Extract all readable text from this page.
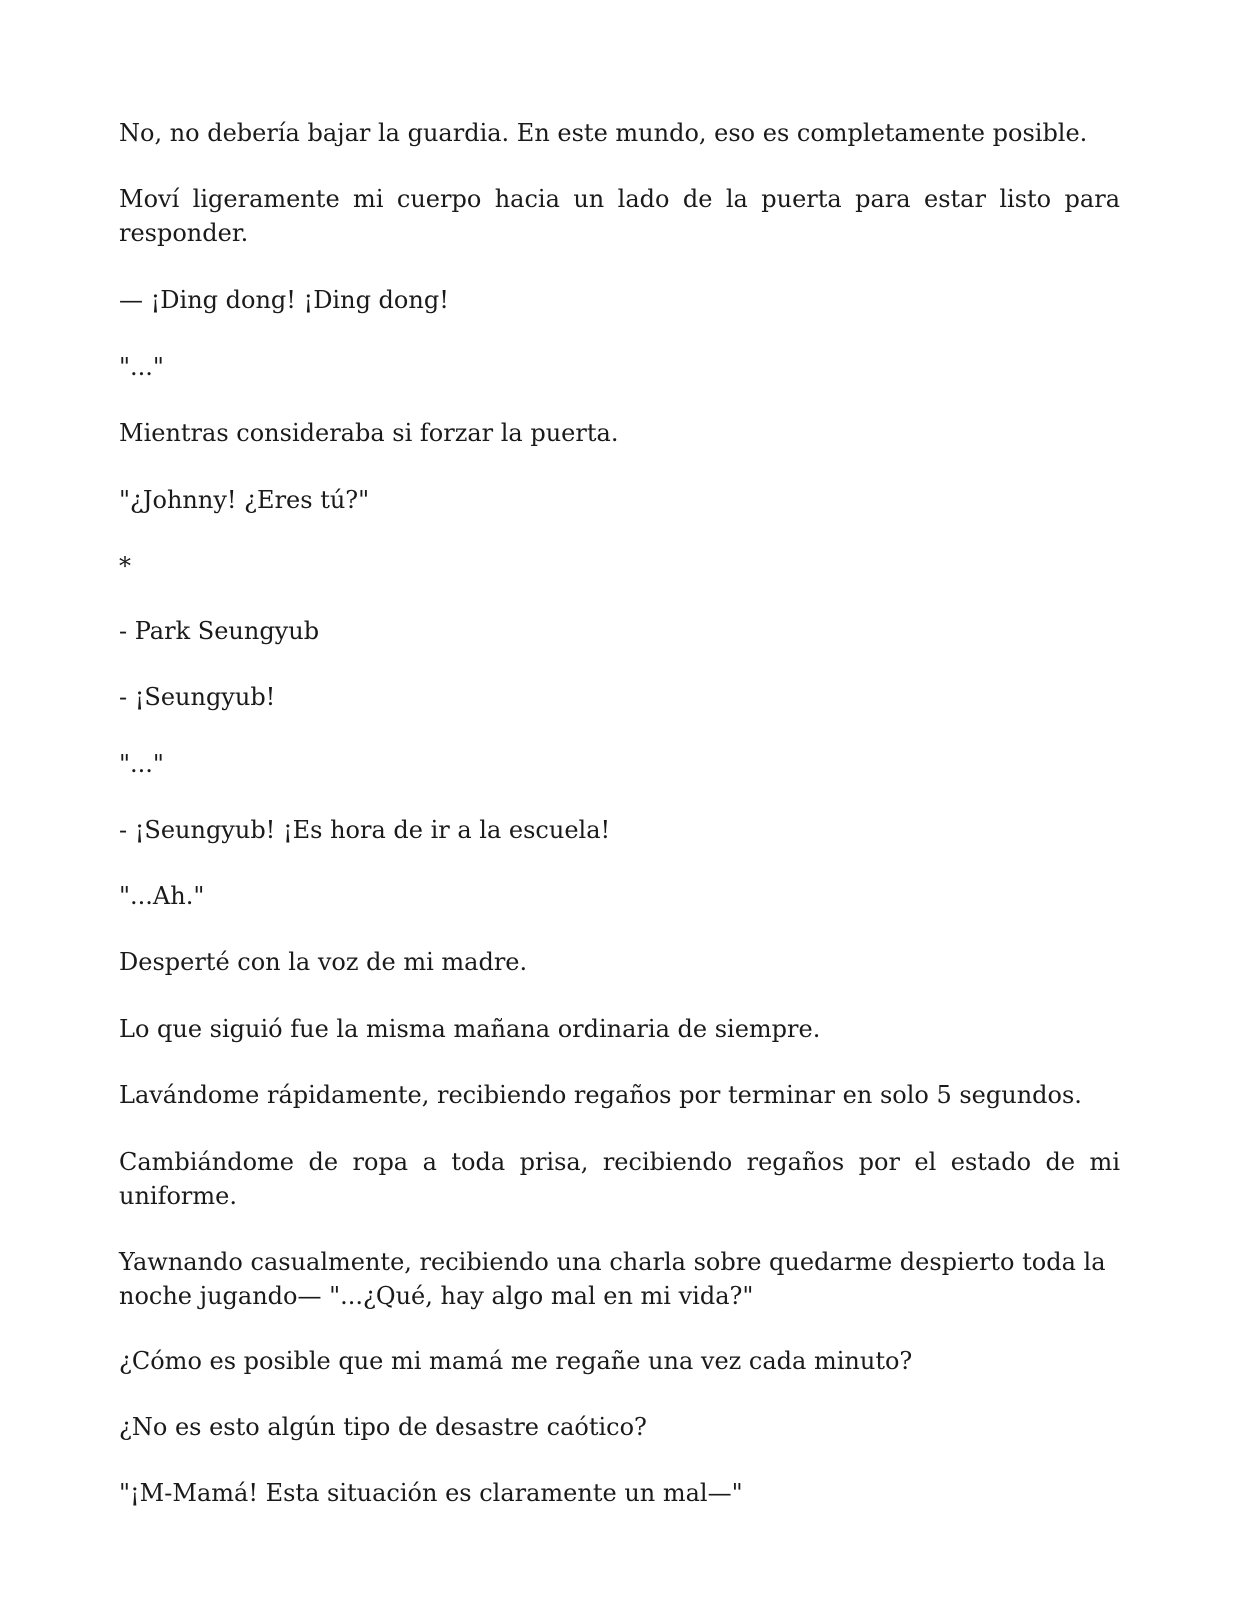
No, no debería bajar la guardia. En este mundo, eso es completamente posible.

Moví ligeramente mi cuerpo hacia un lado de la puerta para estar listo para responder.

— ¡Ding dong! ¡Ding dong!

"..."

Mientras consideraba si forzar la puerta.

"¿Johnny! ¿Eres tú?"

*

- Park Seungyub

- ¡Seungyub!

"..."

- ¡Seungyub! ¡Es hora de ir a la escuela!

"...Ah."

Desperté con la voz de mi madre.

Lo que siguió fue la misma mañana ordinaria de siempre.

Lavándome rápidamente, recibiendo regaños por terminar en solo 5 segundos.

Cambiándome de ropa a toda prisa, recibiendo regaños por el estado de mi uniforme.

Yawnando casualmente, recibiendo una charla sobre quedarme despierto toda la noche jugando— "...¿Qué, hay algo mal en mi vida?"

¿Cómo es posible que mi mamá me regañe una vez cada minuto?

¿No es esto algún tipo de desastre caótico?

"¡M-Mamá! Esta situación es claramente un mal—"
